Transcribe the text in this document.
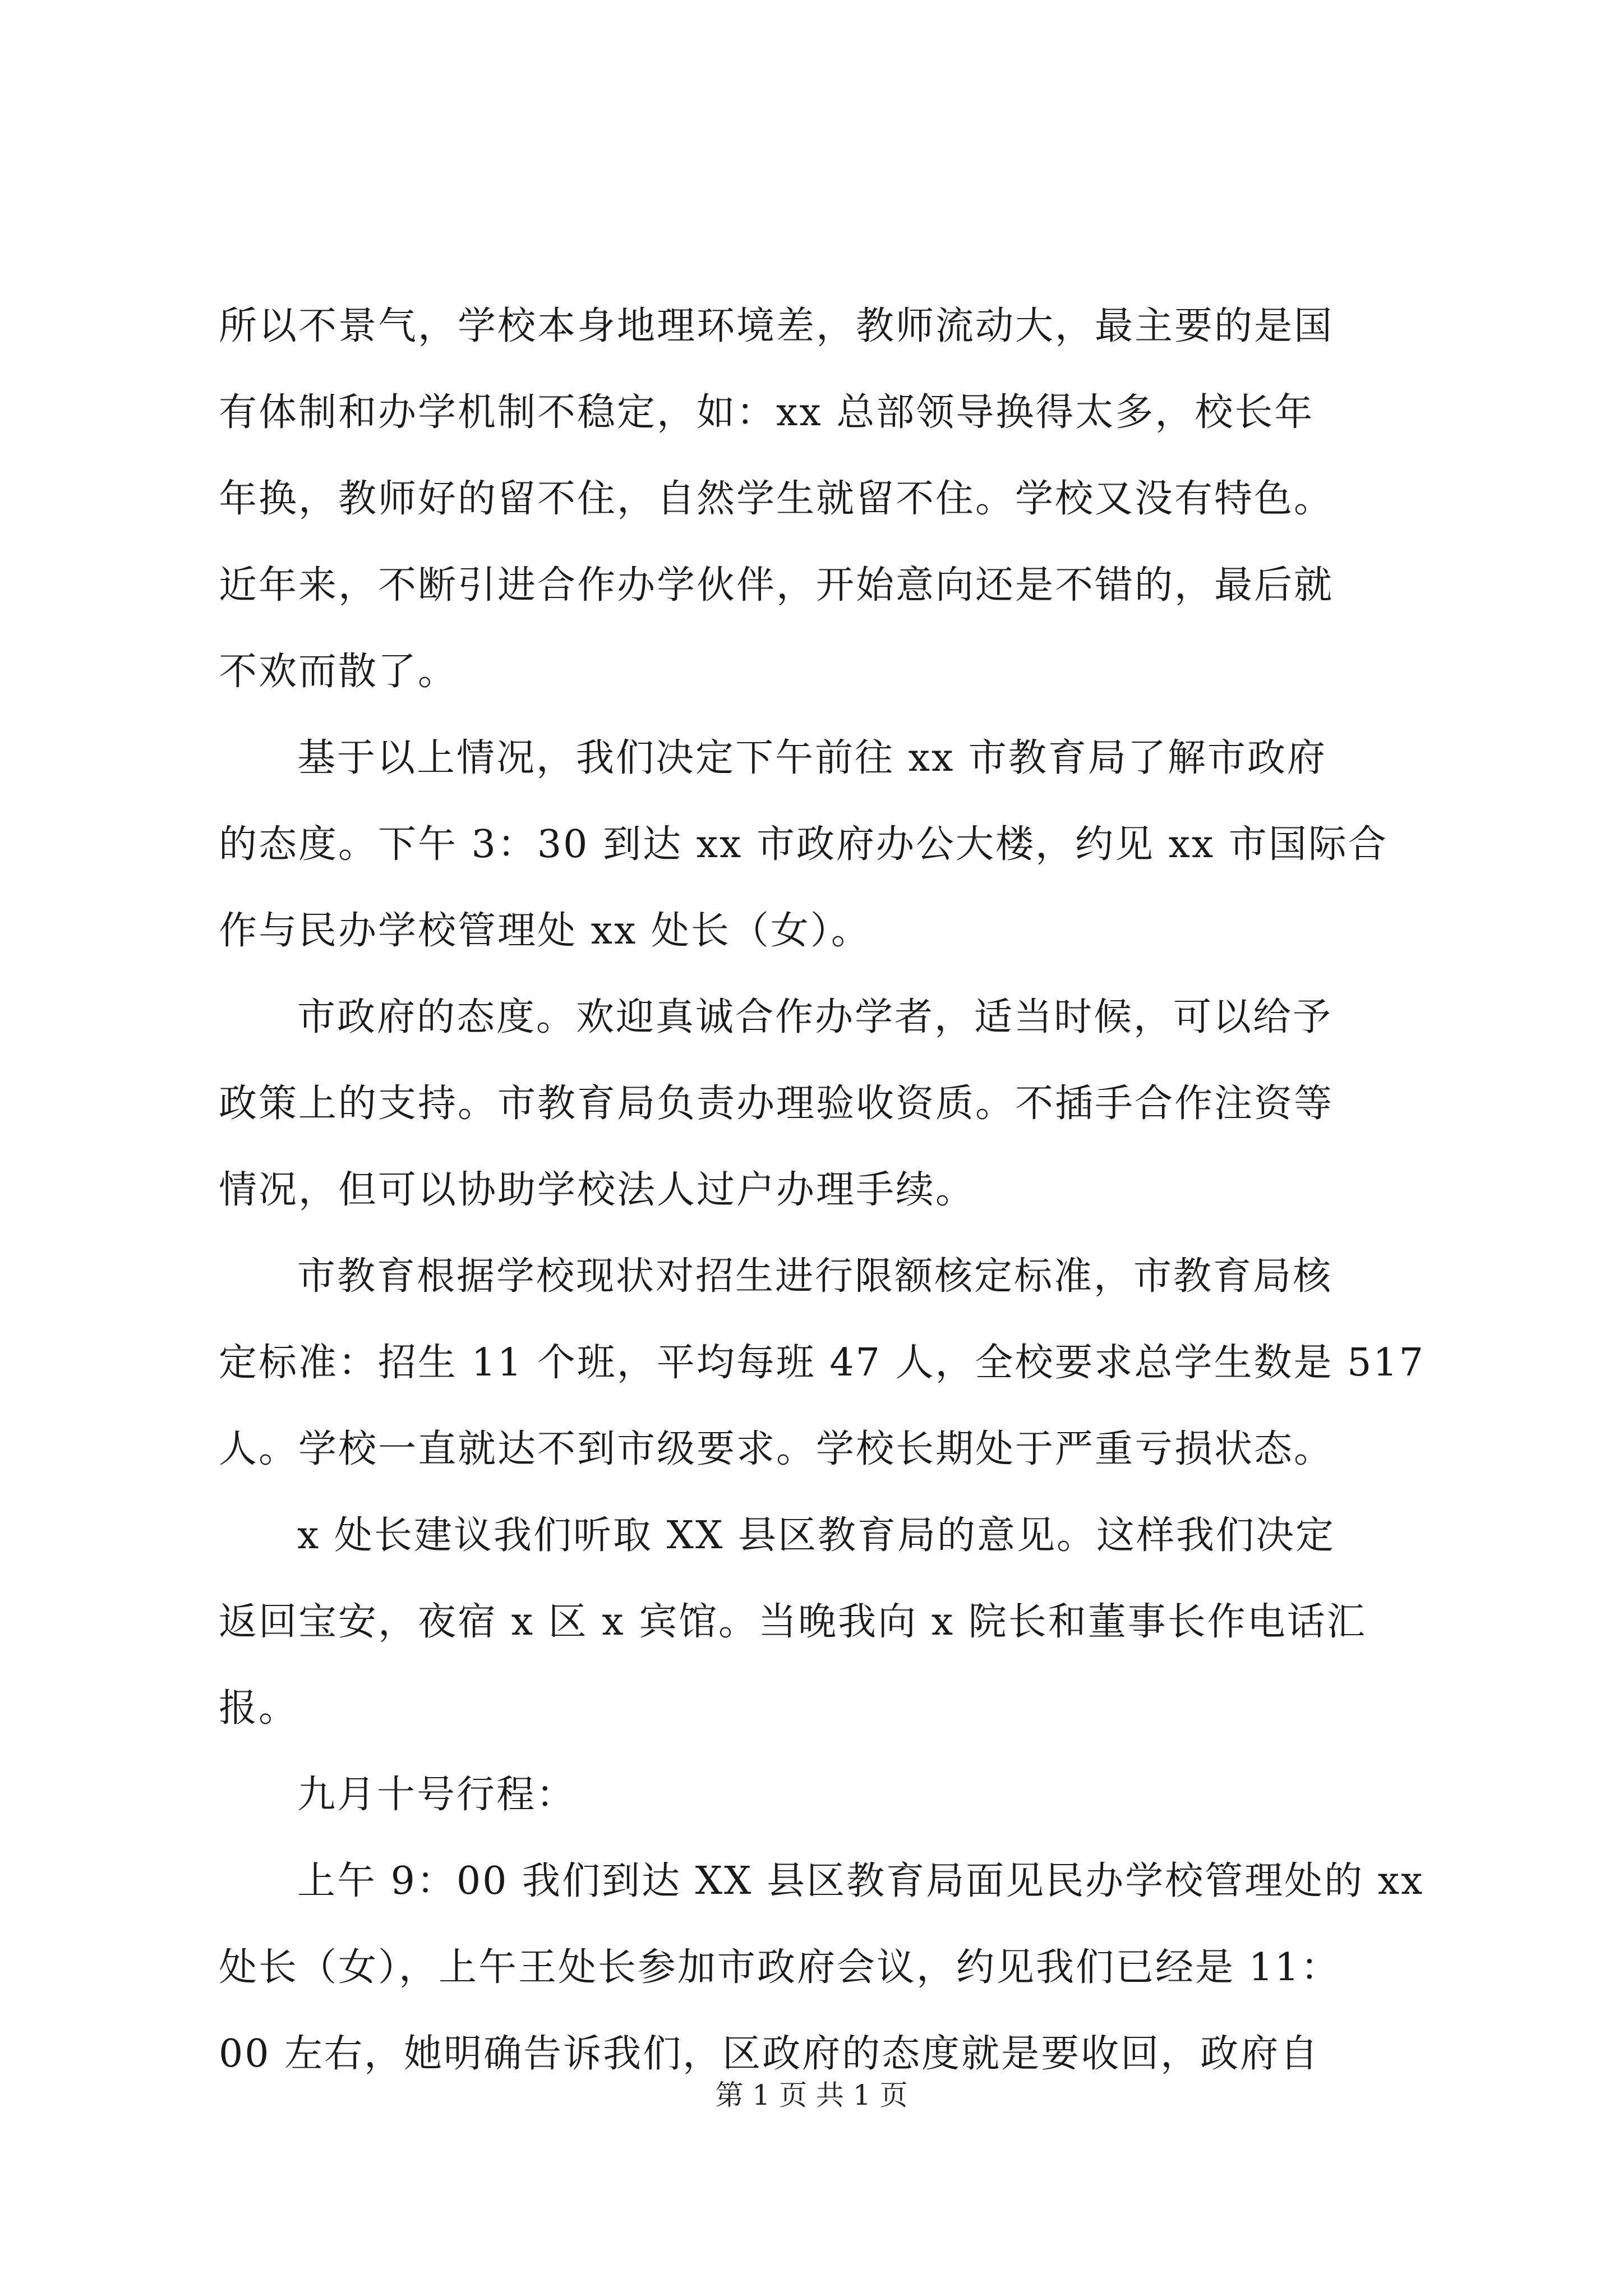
所以不景气，学校本身地理环境差，教师流动大，最主要的是国
有体制和办学机制不稳定，如：xx 总部领导换得太多，校长年
年换，教师好的留不住，自然学生就留不住。学校又没有特色。
近年来，不断引进合作办学伙伴，开始意向还是不错的，最后就
不欢而散了。
基于以上情况，我们决定下午前往 xx 市教育局了解市政府
的态度。下午 3：30 到达 xx 市政府办公大楼，约见 xx 市国际合
作与民办学校管理处 xx 处长（女）。
市政府的态度。欢迎真诚合作办学者，适当时候，可以给予
政策上的支持。市教育局负责办理验收资质。不插手合作注资等
情况，但可以协助学校法人过户办理手续。
市教育根据学校现状对招生进行限额核定标准，市教育局核
定标准：招生 11 个班，平均每班 47 人，全校要求总学生数是 517
人。学校一直就达不到市级要求。学校长期处于严重亏损状态。
x 处长建议我们听取 XX 县区教育局的意见。这样我们决定
返回宝安，夜宿 x 区 x 宾馆。当晚我向 x 院长和董事长作电话汇
报。
九月十号行程：
上午 9：00 我们到达 XX 县区教育局面见民办学校管理处的 xx
处长（女），上午王处长参加市政府会议，约见我们已经是 11：
00 左右，她明确告诉我们，区政府的态度就是要收回，政府自
第 1 页 共 1 页
